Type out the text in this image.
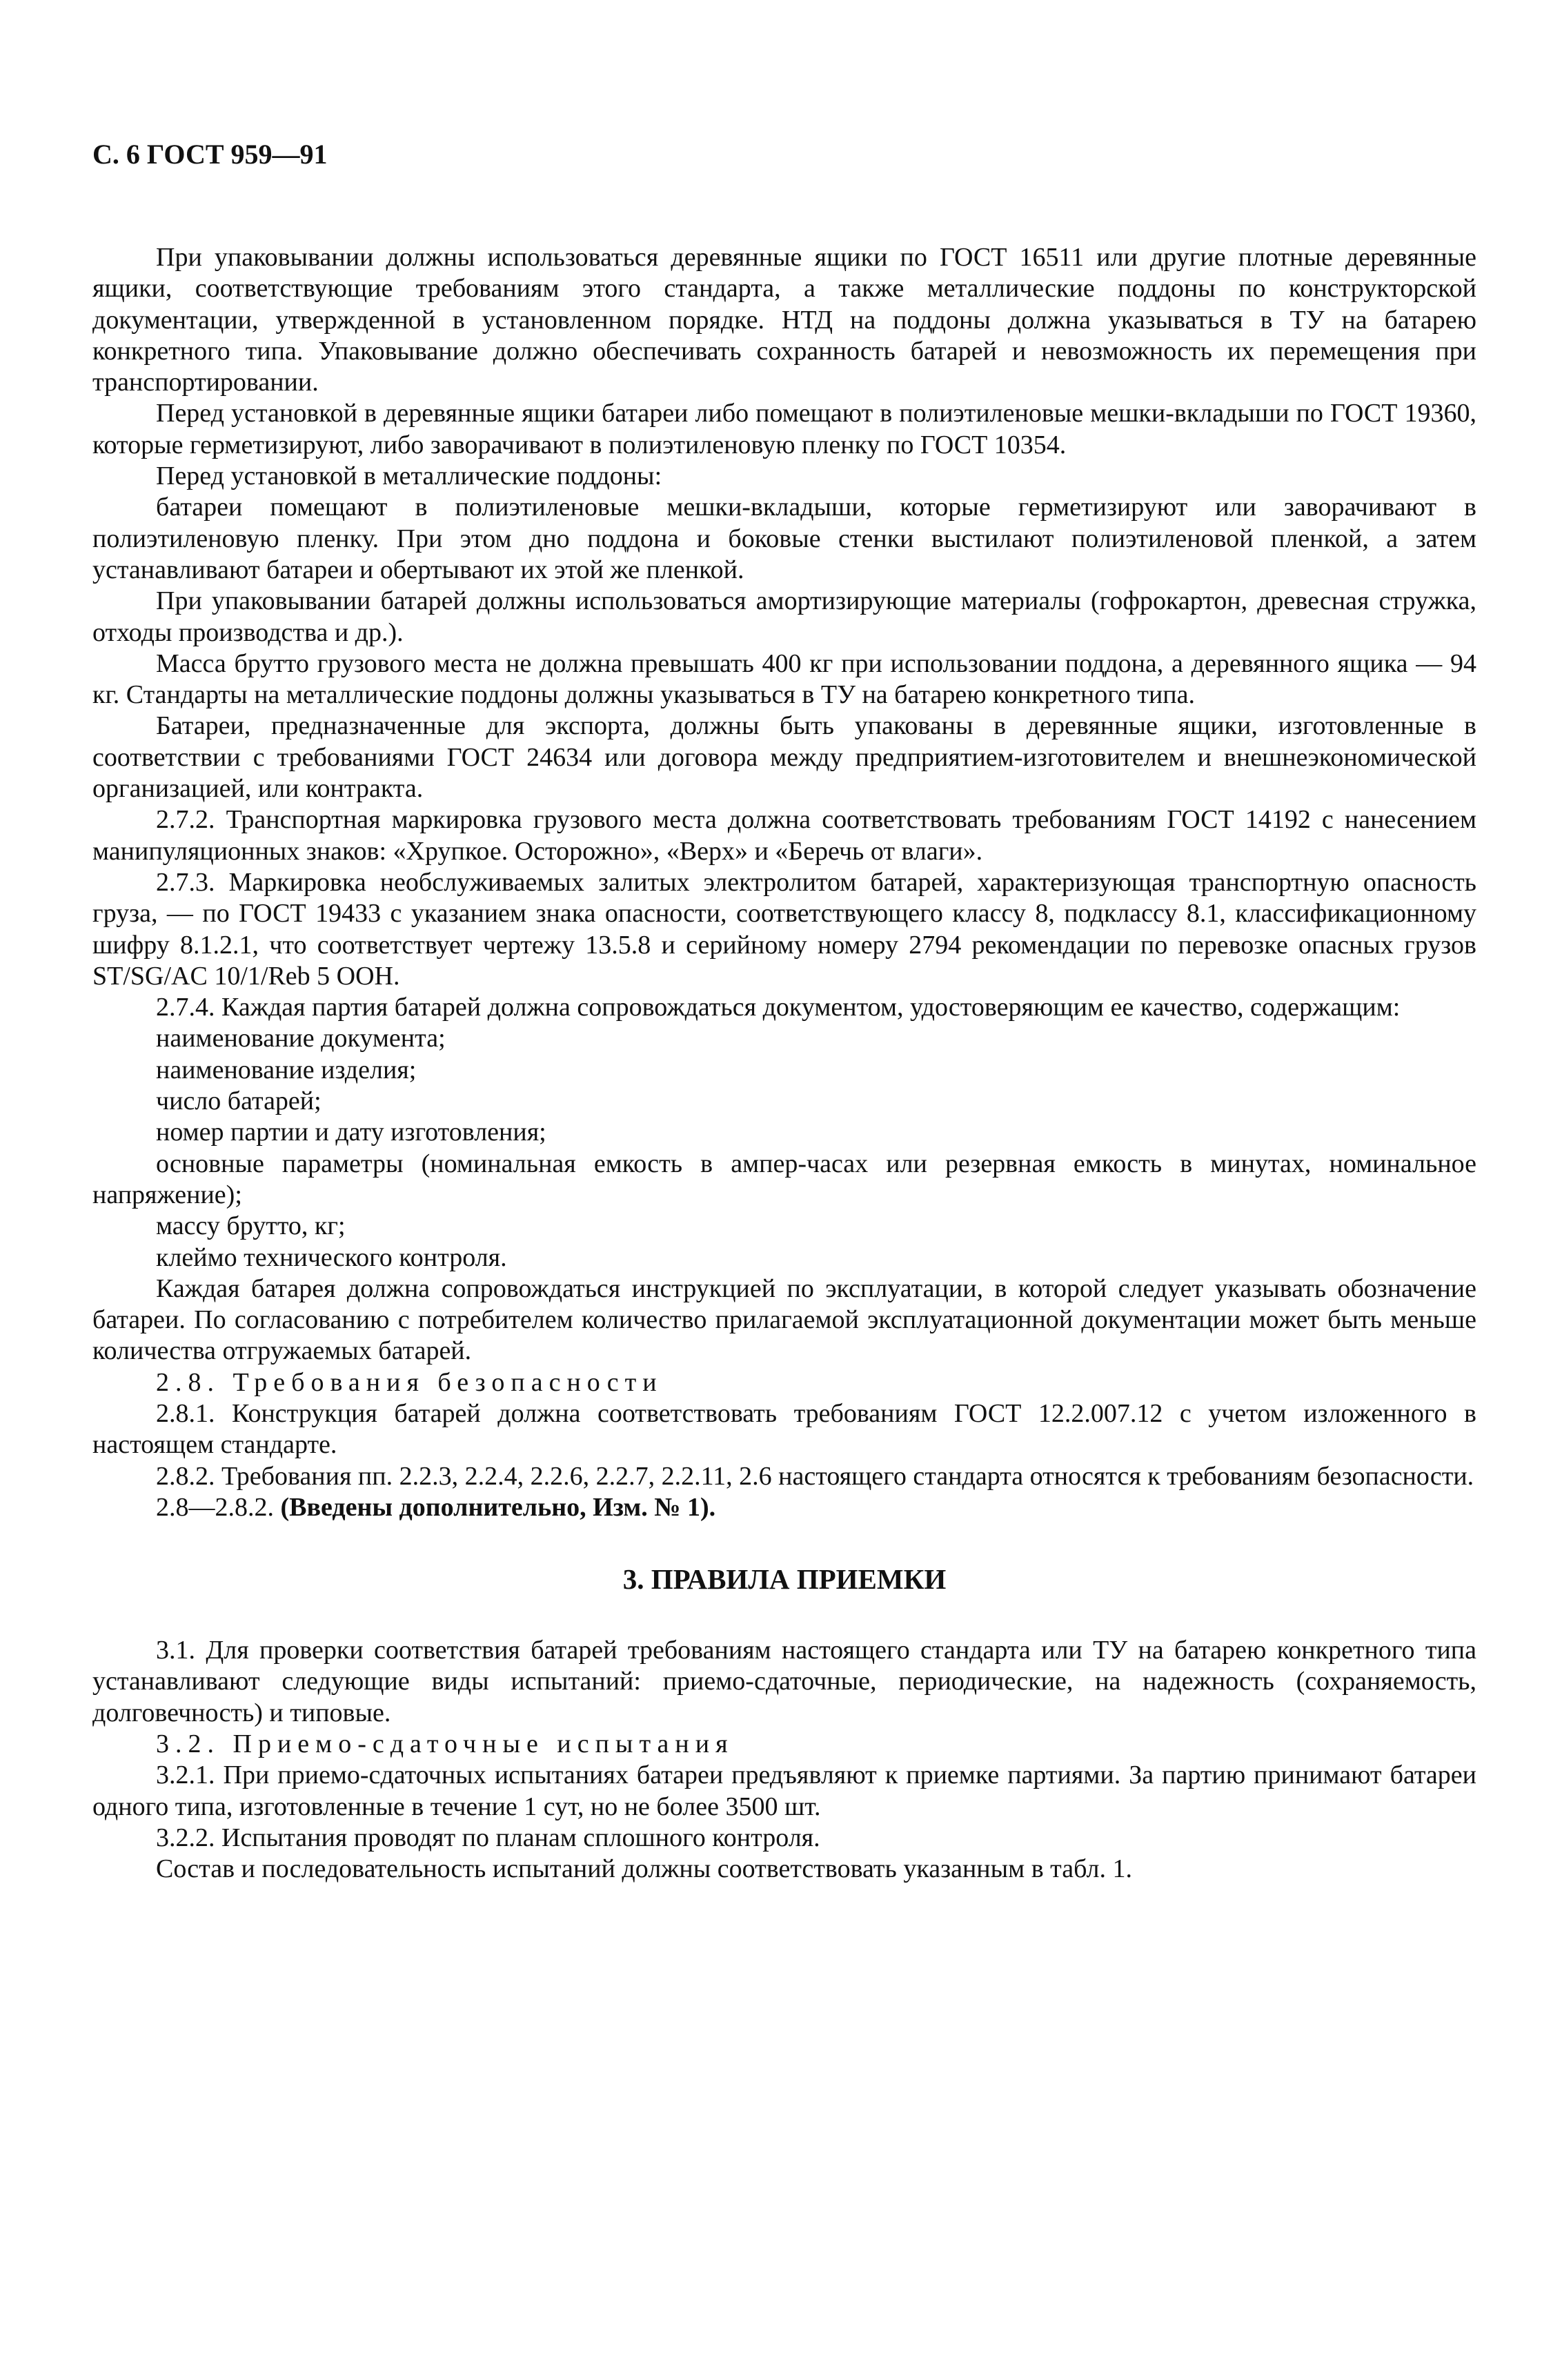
С. 6 ГОСТ 959—91

При упаковывании должны использоваться деревянные ящики по ГОСТ 16511 или другие плотные деревянные ящики, соответствующие требованиям этого стандарта, а также металлические поддоны по конструкторской документации, утвержденной в установленном порядке. НТД на поддоны должна указываться в ТУ на батарею конкретного типа. Упаковывание должно обеспечивать сохранность батарей и невозможность их перемещения при транспортировании.

Перед установкой в деревянные ящики батареи либо помещают в полиэтиленовые мешки-вкладыши по ГОСТ 19360, которые герметизируют, либо заворачивают в полиэтиленовую пленку по ГОСТ 10354.

Перед установкой в металлические поддоны:

батареи помещают в полиэтиленовые мешки-вкладыши, которые герметизируют или заворачивают в полиэтиленовую пленку. При этом дно поддона и боковые стенки выстилают полиэтиленовой пленкой, а затем устанавливают батареи и обертывают их этой же пленкой.

При упаковывании батарей должны использоваться амортизирующие материалы (гофрокартон, древесная стружка, отходы производства и др.).

Масса брутто грузового места не должна превышать 400 кг при использовании поддона, а деревянного ящика — 94 кг. Стандарты на металлические поддоны должны указываться в ТУ на батарею конкретного типа.

Батареи, предназначенные для экспорта, должны быть упакованы в деревянные ящики, изготовленные в соответствии с требованиями ГОСТ 24634 или договора между предприятием-изготовителем и внешнеэкономической организацией, или контракта.

2.7.2. Транспортная маркировка грузового места должна соответствовать требованиям ГОСТ 14192 с нанесением манипуляционных знаков: «Хрупкое. Осторожно», «Верх» и «Беречь от влаги».

2.7.3. Маркировка необслуживаемых залитых электролитом батарей, характеризующая транспортную опасность груза, — по ГОСТ 19433 с указанием знака опасности, соответствующего классу 8, подклассу 8.1, классификационному шифру 8.1.2.1, что соответствует чертежу 13.5.8 и серийному номеру 2794 рекомендации по перевозке опасных грузов ST/SG/AC 10/1/Reb 5 ООН.

2.7.4. Каждая партия батарей должна сопровождаться документом, удостоверяющим ее качество, содержащим:

наименование документа;

наименование изделия;

число батарей;

номер партии и дату изготовления;

основные параметры (номинальная емкость в ампер-часах или резервная емкость в минутах, номинальное напряжение);

массу брутто, кг;

клеймо технического контроля.

Каждая батарея должна сопровождаться инструкцией по эксплуатации, в которой следует указывать обозначение батареи. По согласованию с потребителем количество прилагаемой эксплуатационной документации может быть меньше количества отгружаемых батарей.

2.8. Требования безопасности

2.8.1. Конструкция батарей должна соответствовать требованиям ГОСТ 12.2.007.12 с учетом изложенного в настоящем стандарте.

2.8.2. Требования пп. 2.2.3, 2.2.4, 2.2.6, 2.2.7, 2.2.11, 2.6 настоящего стандарта относятся к требованиям безопасности.

2.8—2.8.2. (Введены дополнительно, Изм. № 1).

3. ПРАВИЛА ПРИЕМКИ

3.1. Для проверки соответствия батарей требованиям настоящего стандарта или ТУ на батарею конкретного типа устанавливают следующие виды испытаний: приемо-сдаточные, периодические, на надежность (сохраняемость, долговечность) и типовые.

3.2. Приемо-сдаточные испытания

3.2.1. При приемо-сдаточных испытаниях батареи предъявляют к приемке партиями. За партию принимают батареи одного типа, изготовленные в течение 1 сут, но не более 3500 шт.

3.2.2. Испытания проводят по планам сплошного контроля.

Состав и последовательность испытаний должны соответствовать указанным в табл. 1.
